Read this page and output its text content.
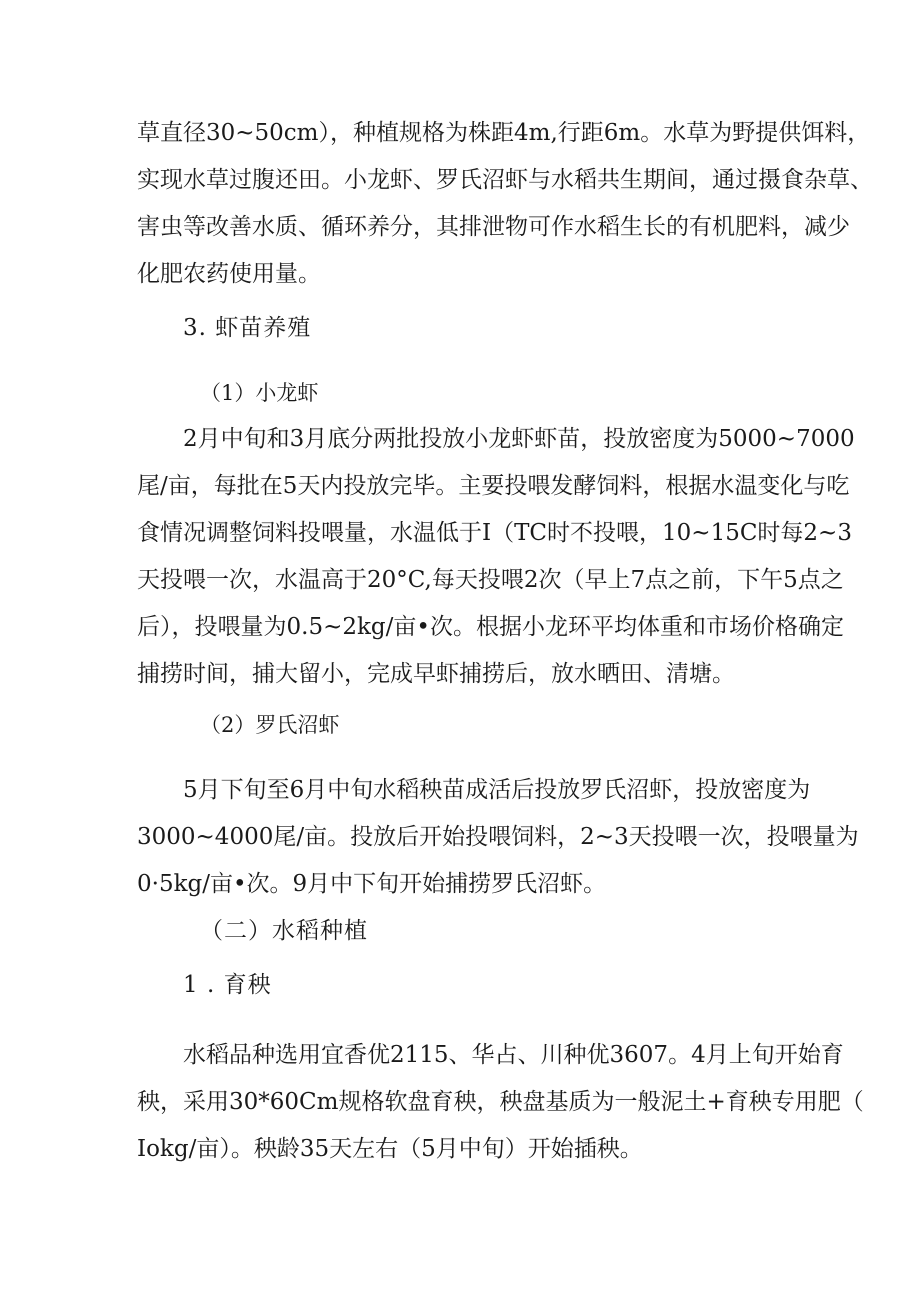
草直径30~50cm），种植规格为株距4m,行距6m。水草为野提供饵料，
实现水草过腹还田。小龙虾、罗氏沼虾与水稻共生期间，通过摄食杂草、
害虫等改善水质、循环养分，其排泄物可作水稻生长的有机肥料，减少
化肥农药使用量。
3. 虾苗养殖
（1）小龙虾
2月中旬和3月底分两批投放小龙虾虾苗，投放密度为5000~7000
尾/亩，每批在5天内投放完毕。主要投喂发酵饲料，根据水温变化与吃
食情况调整饲料投喂量，水温低于I（TC时不投喂，10~15C时每2~3
天投喂一次，水温高于20°C,每天投喂2次（早上7点之前，下午5点之
后），投喂量为0.5~2kg/亩•次。根据小龙环平均体重和市场价格确定
捕捞时间，捕大留小，完成早虾捕捞后，放水晒田、清塘。
（2）罗氏沼虾
5月下旬至6月中旬水稻秧苗成活后投放罗氏沼虾，投放密度为
3000~4000尾/亩。投放后开始投喂饲料，2~3天投喂一次，投喂量为
0·5kg/亩•次。9月中下旬开始捕捞罗氏沼虾。
（二）水稻种植
1 . 育秧
水稻品种选用宜香优2115、华占、川种优3607。4月上旬开始育
秧，采用30*60Cm规格软盘育秧，秧盘基质为一般泥土+育秧专用肥（
Iokg/亩）。秧龄35天左右（5月中旬）开始插秧。
